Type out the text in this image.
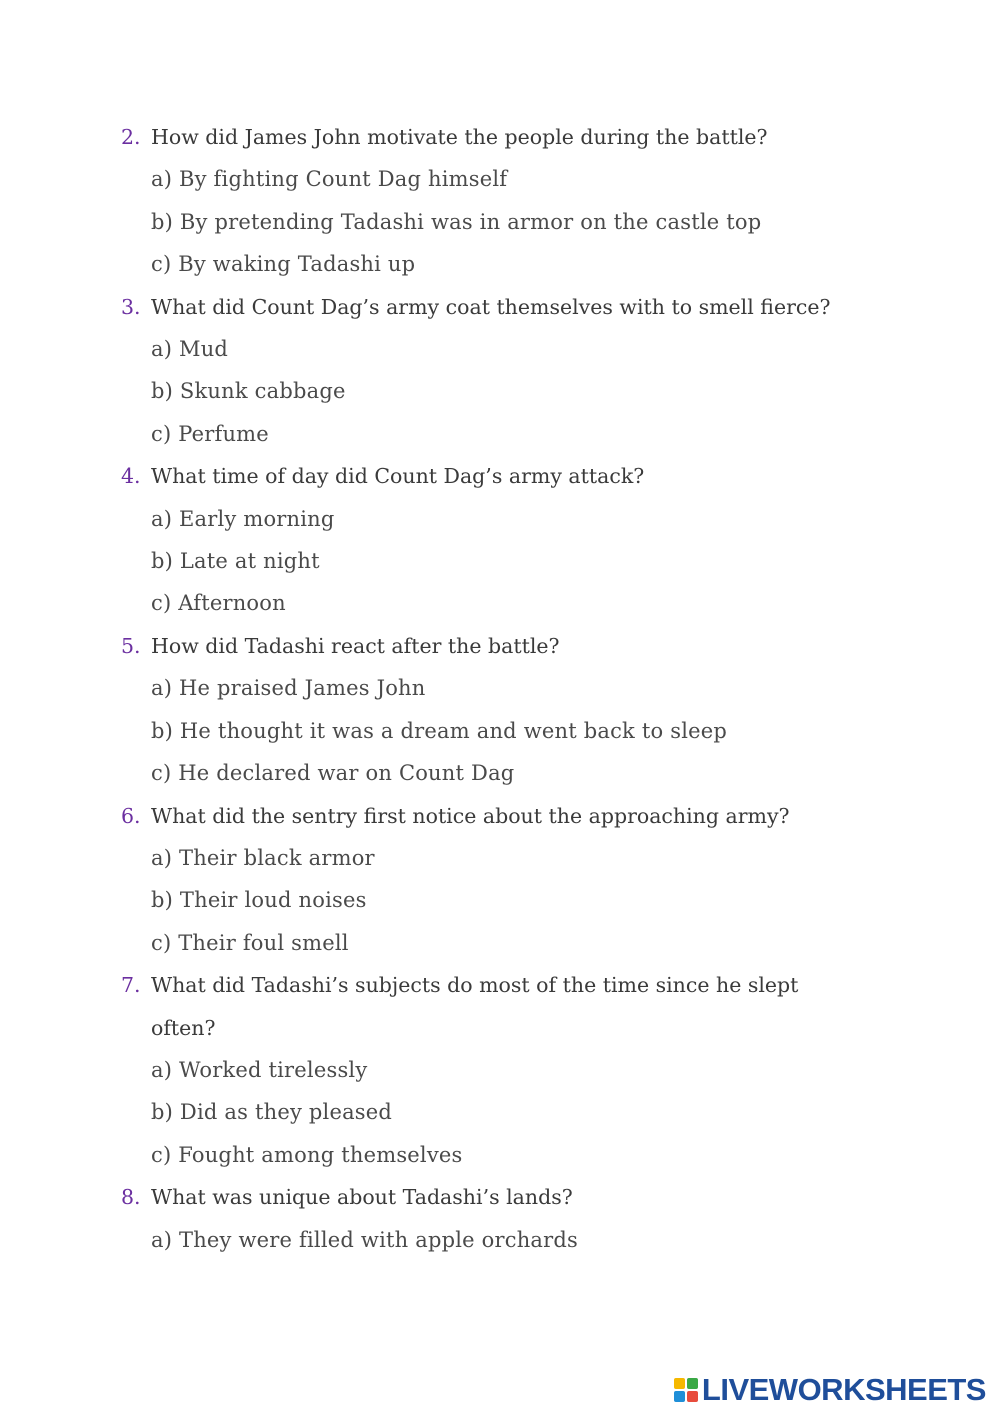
2. How did James John motivate the people during the battle?
a) By fighting Count Dag himself
b) By pretending Tadashi was in armor on the castle top
c) By waking Tadashi up
3. What did Count Dag’s army coat themselves with to smell fierce?
a) Mud
b) Skunk cabbage
c) Perfume
4. What time of day did Count Dag’s army attack?
a) Early morning
b) Late at night
c) Afternoon
5. How did Tadashi react after the battle?
a) He praised James John
b) He thought it was a dream and went back to sleep
c) He declared war on Count Dag
6. What did the sentry first notice about the approaching army?
a) Their black armor
b) Their loud noises
c) Their foul smell
7. What did Tadashi’s subjects do most of the time since he slept often?
a) Worked tirelessly
b) Did as they pleased
c) Fought among themselves
8. What was unique about Tadashi’s lands?
a) They were filled with apple orchards
LIVEWORKSHEETS
